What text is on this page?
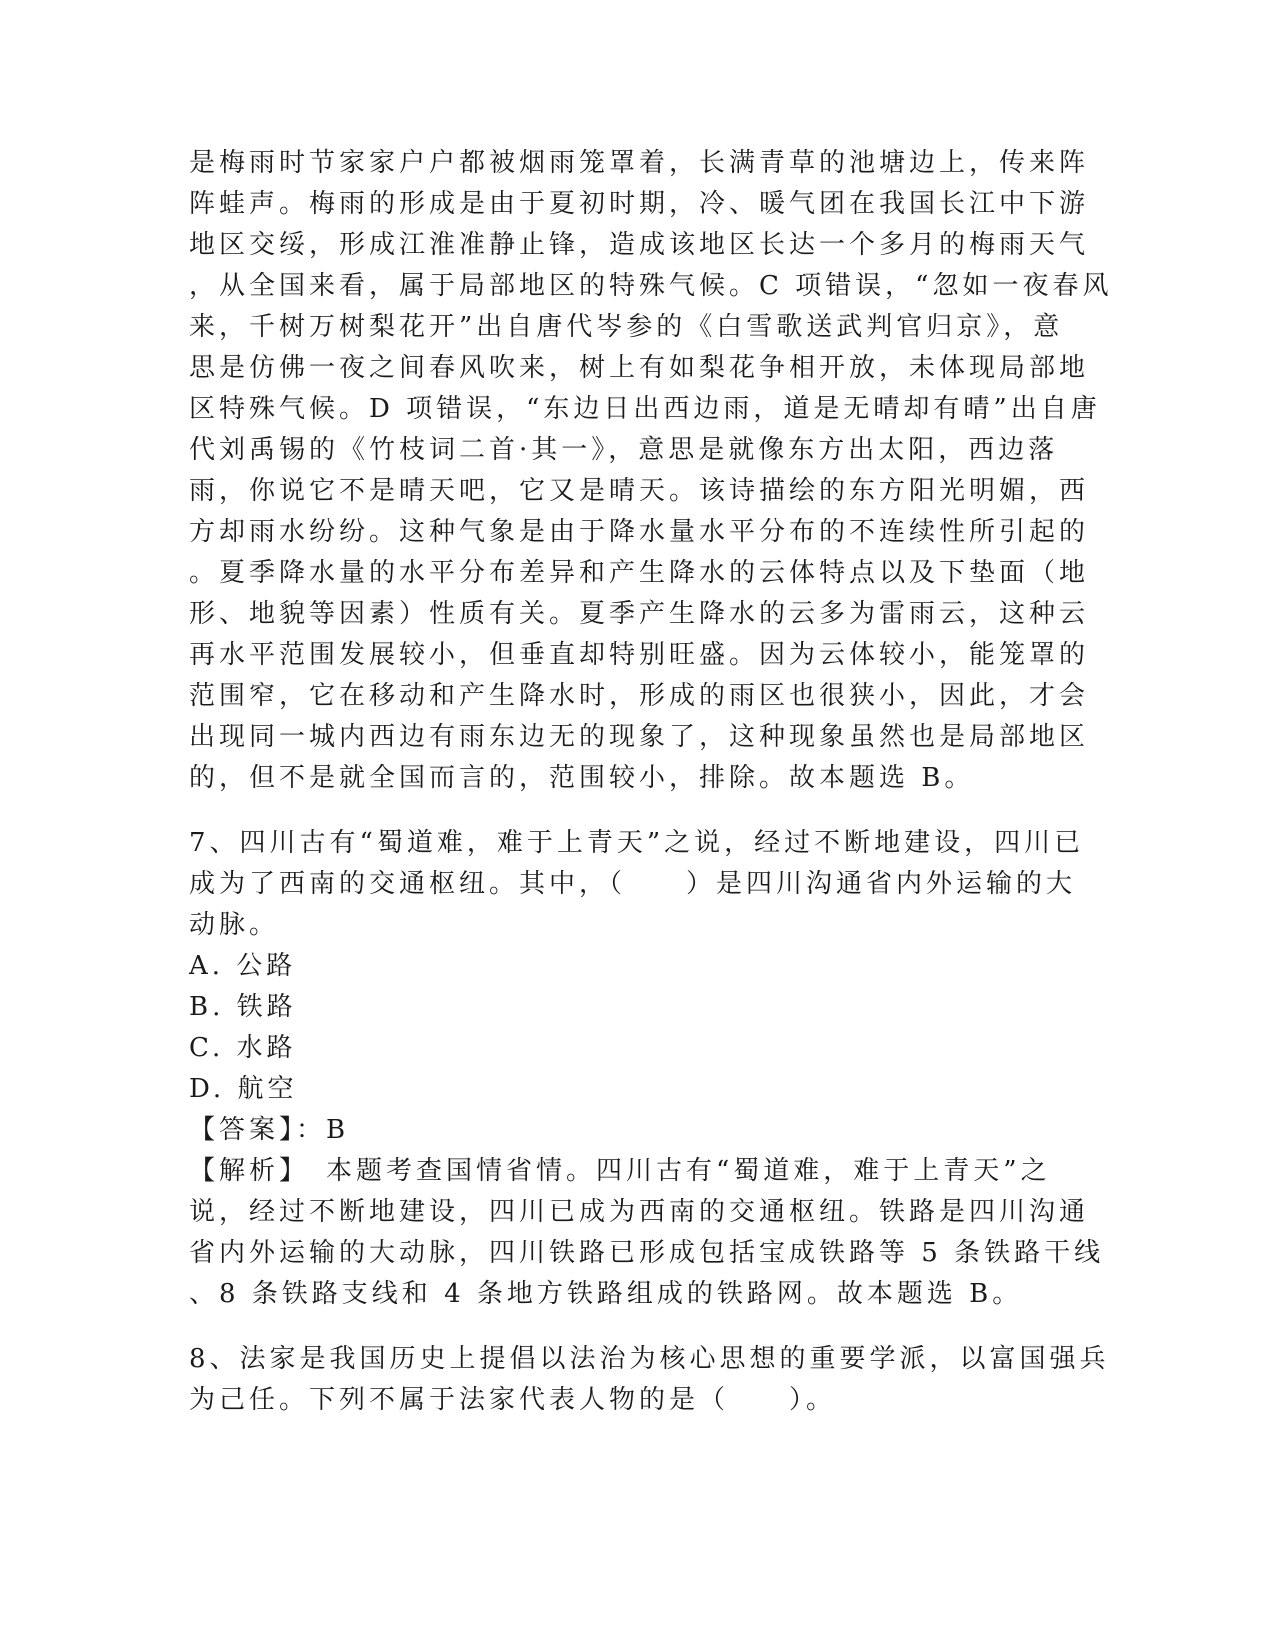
是梅雨时节家家户户都被烟雨笼罩着，长满青草的池塘边上，传来阵
阵蛙声。梅雨的形成是由于夏初时期，冷、暖气团在我国长江中下游
地区交绥，形成江淮准静止锋，造成该地区长达一个多月的梅雨天气
，从全国来看，属于局部地区的特殊气候。C 项错误，“忽如一夜春风
来，千树万树梨花开”出自唐代岑参的《白雪歌送武判官归京》，意
思是仿佛一夜之间春风吹来，树上有如梨花争相开放，未体现局部地
区特殊气候。D 项错误，“东边日出西边雨，道是无晴却有晴”出自唐
代刘禹锡的《竹枝词二首·其一》，意思是就像东方出太阳，西边落
雨，你说它不是晴天吧，它又是晴天。该诗描绘的东方阳光明媚，西
方却雨水纷纷。这种气象是由于降水量水平分布的不连续性所引起的
。夏季降水量的水平分布差异和产生降水的云体特点以及下垫面（地
形、地貌等因素）性质有关。夏季产生降水的云多为雷雨云，这种云
再水平范围发展较小，但垂直却特别旺盛。因为云体较小，能笼罩的
范围窄，它在移动和产生降水时，形成的雨区也很狭小，因此，才会
出现同一城内西边有雨东边无的现象了，这种现象虽然也是局部地区
的，但不是就全国而言的，范围较小，排除。故本题选 B。
7、四川古有“蜀道难，难于上青天”之说，经过不断地建设，四川已
成为了西南的交通枢纽。其中，（　　）是四川沟通省内外运输的大
动脉。
A. 公路
B. 铁路
C. 水路
D. 航空
【答案】：B
【解析】　本题考查国情省情。四川古有“蜀道难，难于上青天”之
说，经过不断地建设，四川已成为西南的交通枢纽。铁路是四川沟通
省内外运输的大动脉，四川铁路已形成包括宝成铁路等 5 条铁路干线
、8 条铁路支线和 4 条地方铁路组成的铁路网。故本题选 B。
8、法家是我国历史上提倡以法治为核心思想的重要学派，以富国强兵
为己任。下列不属于法家代表人物的是（　　）。
